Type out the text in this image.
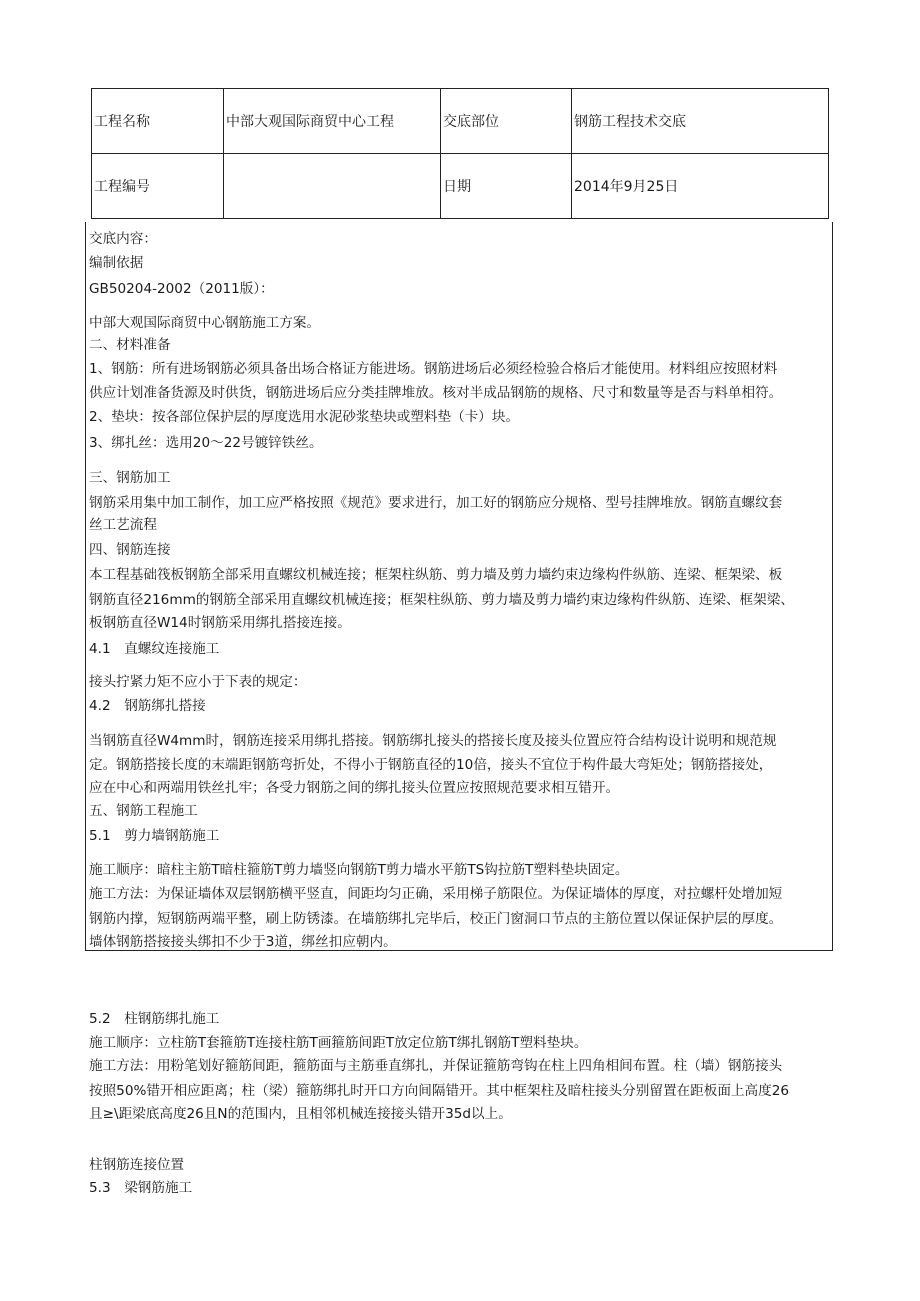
工程名称	中部大观国际商贸中心工程	交底部位	钢筋工程技术交底
工程编号		日期	2014年9月25日
交底内容：
编制依据
GB50204-2002（2011版）：
中部大观国际商贸中心钢筋施工方案。
二、材料准备
1、钢筋：所有进场钢筋必须具备出场合格证方能进场。钢筋进场后必须经检验合格后才能使用。材料组应按照材料
供应计划准备货源及时供货，钢筋进场后应分类挂牌堆放。核对半成品钢筋的规格、尺寸和数量等是否与料单相符。
2、垫块：按各部位保护层的厚度选用水泥砂浆垫块或塑料垫（卡）块。
3、绑扎丝：选用20～22号镀锌铁丝。
三、钢筋加工
钢筋采用集中加工制作，加工应严格按照《规范》要求进行，加工好的钢筋应分规格、型号挂牌堆放。钢筋直螺纹套
丝工艺流程
四、钢筋连接
本工程基础筏板钢筋全部采用直螺纹机械连接；框架柱纵筋、剪力墙及剪力墙约束边缘构件纵筋、连梁、框架梁、板
钢筋直径216mm的钢筋全部采用直螺纹机械连接；框架柱纵筋、剪力墙及剪力墙约束边缘构件纵筋、连梁、框架梁、
板钢筋直径W14时钢筋采用绑扎搭接连接。
4.1　直螺纹连接施工
接头拧紧力矩不应小于下表的规定：
4.2　钢筋绑扎搭接
当钢筋直径W4mm时，钢筋连接采用绑扎搭接。钢筋绑扎接头的搭接长度及接头位置应符合结构设计说明和规范规
定。钢筋搭接长度的末端距钢筋弯折处，不得小于钢筋直径的10倍，接头不宜位于构件最大弯矩处；钢筋搭接处，
应在中心和两端用铁丝扎牢；各受力钢筋之间的绑扎接头位置应按照规范要求相互错开。
五、钢筋工程施工
5.1　剪力墙钢筋施工
施工顺序：暗柱主筋T暗柱箍筋T剪力墙竖向钢筋T剪力墙水平筋TS钩拉筋T塑料垫块固定。
施工方法：为保证墙体双层钢筋横平竖直，间距均匀正确，采用梯子筋限位。为保证墙体的厚度，对拉螺杆处增加短
钢筋内撑，短钢筋两端平整，刷上防锈漆。在墙筋绑扎完毕后，校正门窗洞口节点的主筋位置以保证保护层的厚度。
墙体钢筋搭接接头绑扣不少于3道，绑丝扣应朝内。
5.2　柱钢筋绑扎施工
施工顺序：立柱筋T套箍筋T连接柱筋T画箍筋间距T放定位筋T绑扎钢筋T塑料垫块。
施工方法：用粉笔划好箍筋间距，箍筋面与主筋垂直绑扎，并保证箍筋弯钩在柱上四角相间布置。柱（墙）钢筋接头
按照50%错开相应距离；柱（梁）箍筋绑扎时开口方向间隔错开。其中框架柱及暗柱接头分别留置在距板面上高度26
且≥\距梁底高度26且N的范围内，且相邻机械连接接头错开35d以上。
柱钢筋连接位置
5.3　梁钢筋施工
